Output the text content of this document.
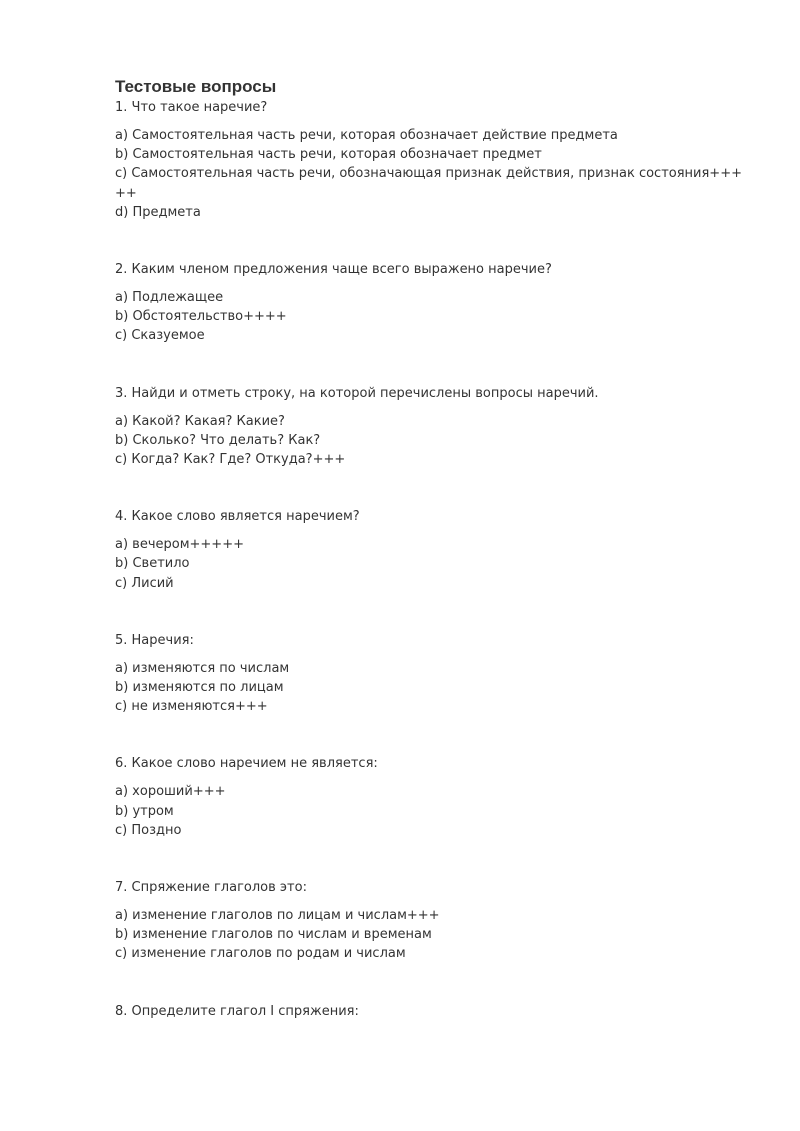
Тестовые вопросы
1. Что такое наречие?
a) Самостоятельная часть речи, которая обозначает действие предмета
b) Самостоятельная часть речи, которая обозначает предмет
c) Самостоятельная часть речи, обозначающая признак действия, признак состояния+++
++
d) Предмета
2. Каким членом предложения чаще всего выражено наречие?
a) Подлежащее
b) Обстоятельство++++
c) Сказуемое
3. Найди и отметь строку, на которой перечислены вопросы наречий.
a) Какой? Какая? Какие?
b) Сколько? Что делать? Как?
c) Когда? Как? Где? Откуда?+++
4. Какое слово является наречием?
a) вечером+++++
b) Светило
c) Лисий
5. Наречия:
a) изменяются по числам
b) изменяются по лицам
c) не изменяются+++
6. Какое слово наречием не является:
a) хороший+++
b) утром
c) Поздно
7. Спряжение глаголов это:
a) изменение глаголов по лицам и числам+++
b) изменение глаголов по числам и временам
c) изменение глаголов по родам и числам
8. Определите глагол I спряжения:
